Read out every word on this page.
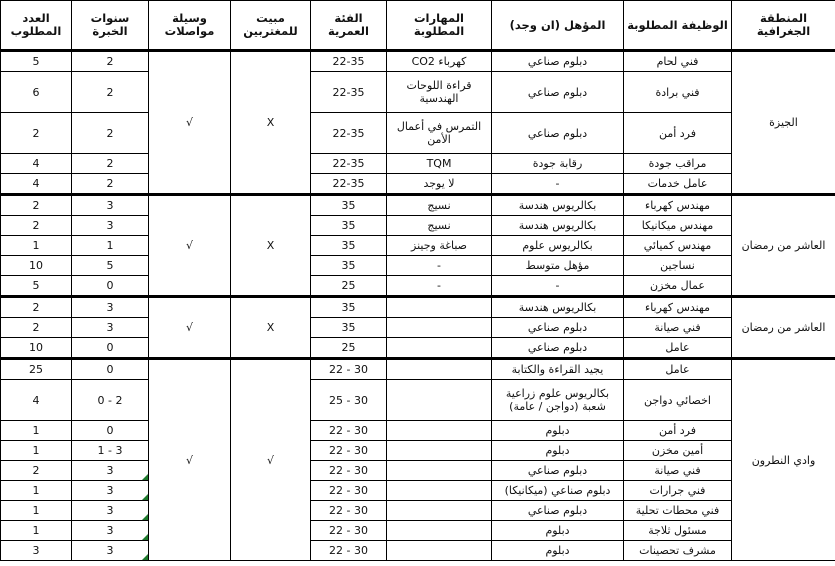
المنطقة الجغرافية	الوظيفة المطلوبة	المؤهل (ان وجد)	المهارات المطلوبة	الفئة العمرية	مبيت للمغتربين	وسيلة مواصلات	سنوات الخبرة	العدد المطلوب
الجيزة	فني لحام	دبلوم صناعي	كهرباء CO2	22-35	X	√	2	5
	فني برادة	دبلوم صناعي	قراءة اللوحات الهندسية	22-35			2	6
	فرد أمن	دبلوم صناعي	التمرس في أعمال الأمن	22-35			2	2
	مراقب جودة	رقابة جودة	TQM	22-35			2	4
	عامل خدمات	-	لا يوجد	22-35			2	4
العاشر من رمضان	مهندس كهرباء	بكالريوس هندسة	نسيج	35	X	√	3	2
	مهندس ميكانيكا	بكالريوس هندسة	نسيج	35			3	2
	مهندس كميائي	بكالريوس علوم	صباغة وجينز	35			1	1
	نساجين	مؤهل متوسط	-	35			5	10
	عمال مخزن	-	-	25			0	5
العاشر من رمضان	مهندس كهرباء	بكالريوس هندسة		35	X	√	3	2
	فني صيانة	دبلوم صناعي		35			3	2
	عامل	دبلوم صناعي		25			0	10
وادي النطرون	عامل	يجيد القراءة والكتابة		22 - 30	√	√	0	25
	اخصائي دواجن	بكالريوس علوم زراعية شعبة (دواجن / عامة)		25 - 30			0 - 2	4
	فرد أمن	دبلوم		22 - 30			0	1
	أمين مخزن	دبلوم		22 - 30			1 - 3	1
	فني صيانة	دبلوم صناعي		22 - 30			3	2
	فني جرارات	دبلوم صناعي (ميكانيكا)		22 - 30			3	1
	فني محطات تحلية	دبلوم صناعي		22 - 30			3	1
	مسئول ثلاجة	دبلوم		22 - 30			3	1
	مشرف تحصينات	دبلوم		22 - 30			3	3
